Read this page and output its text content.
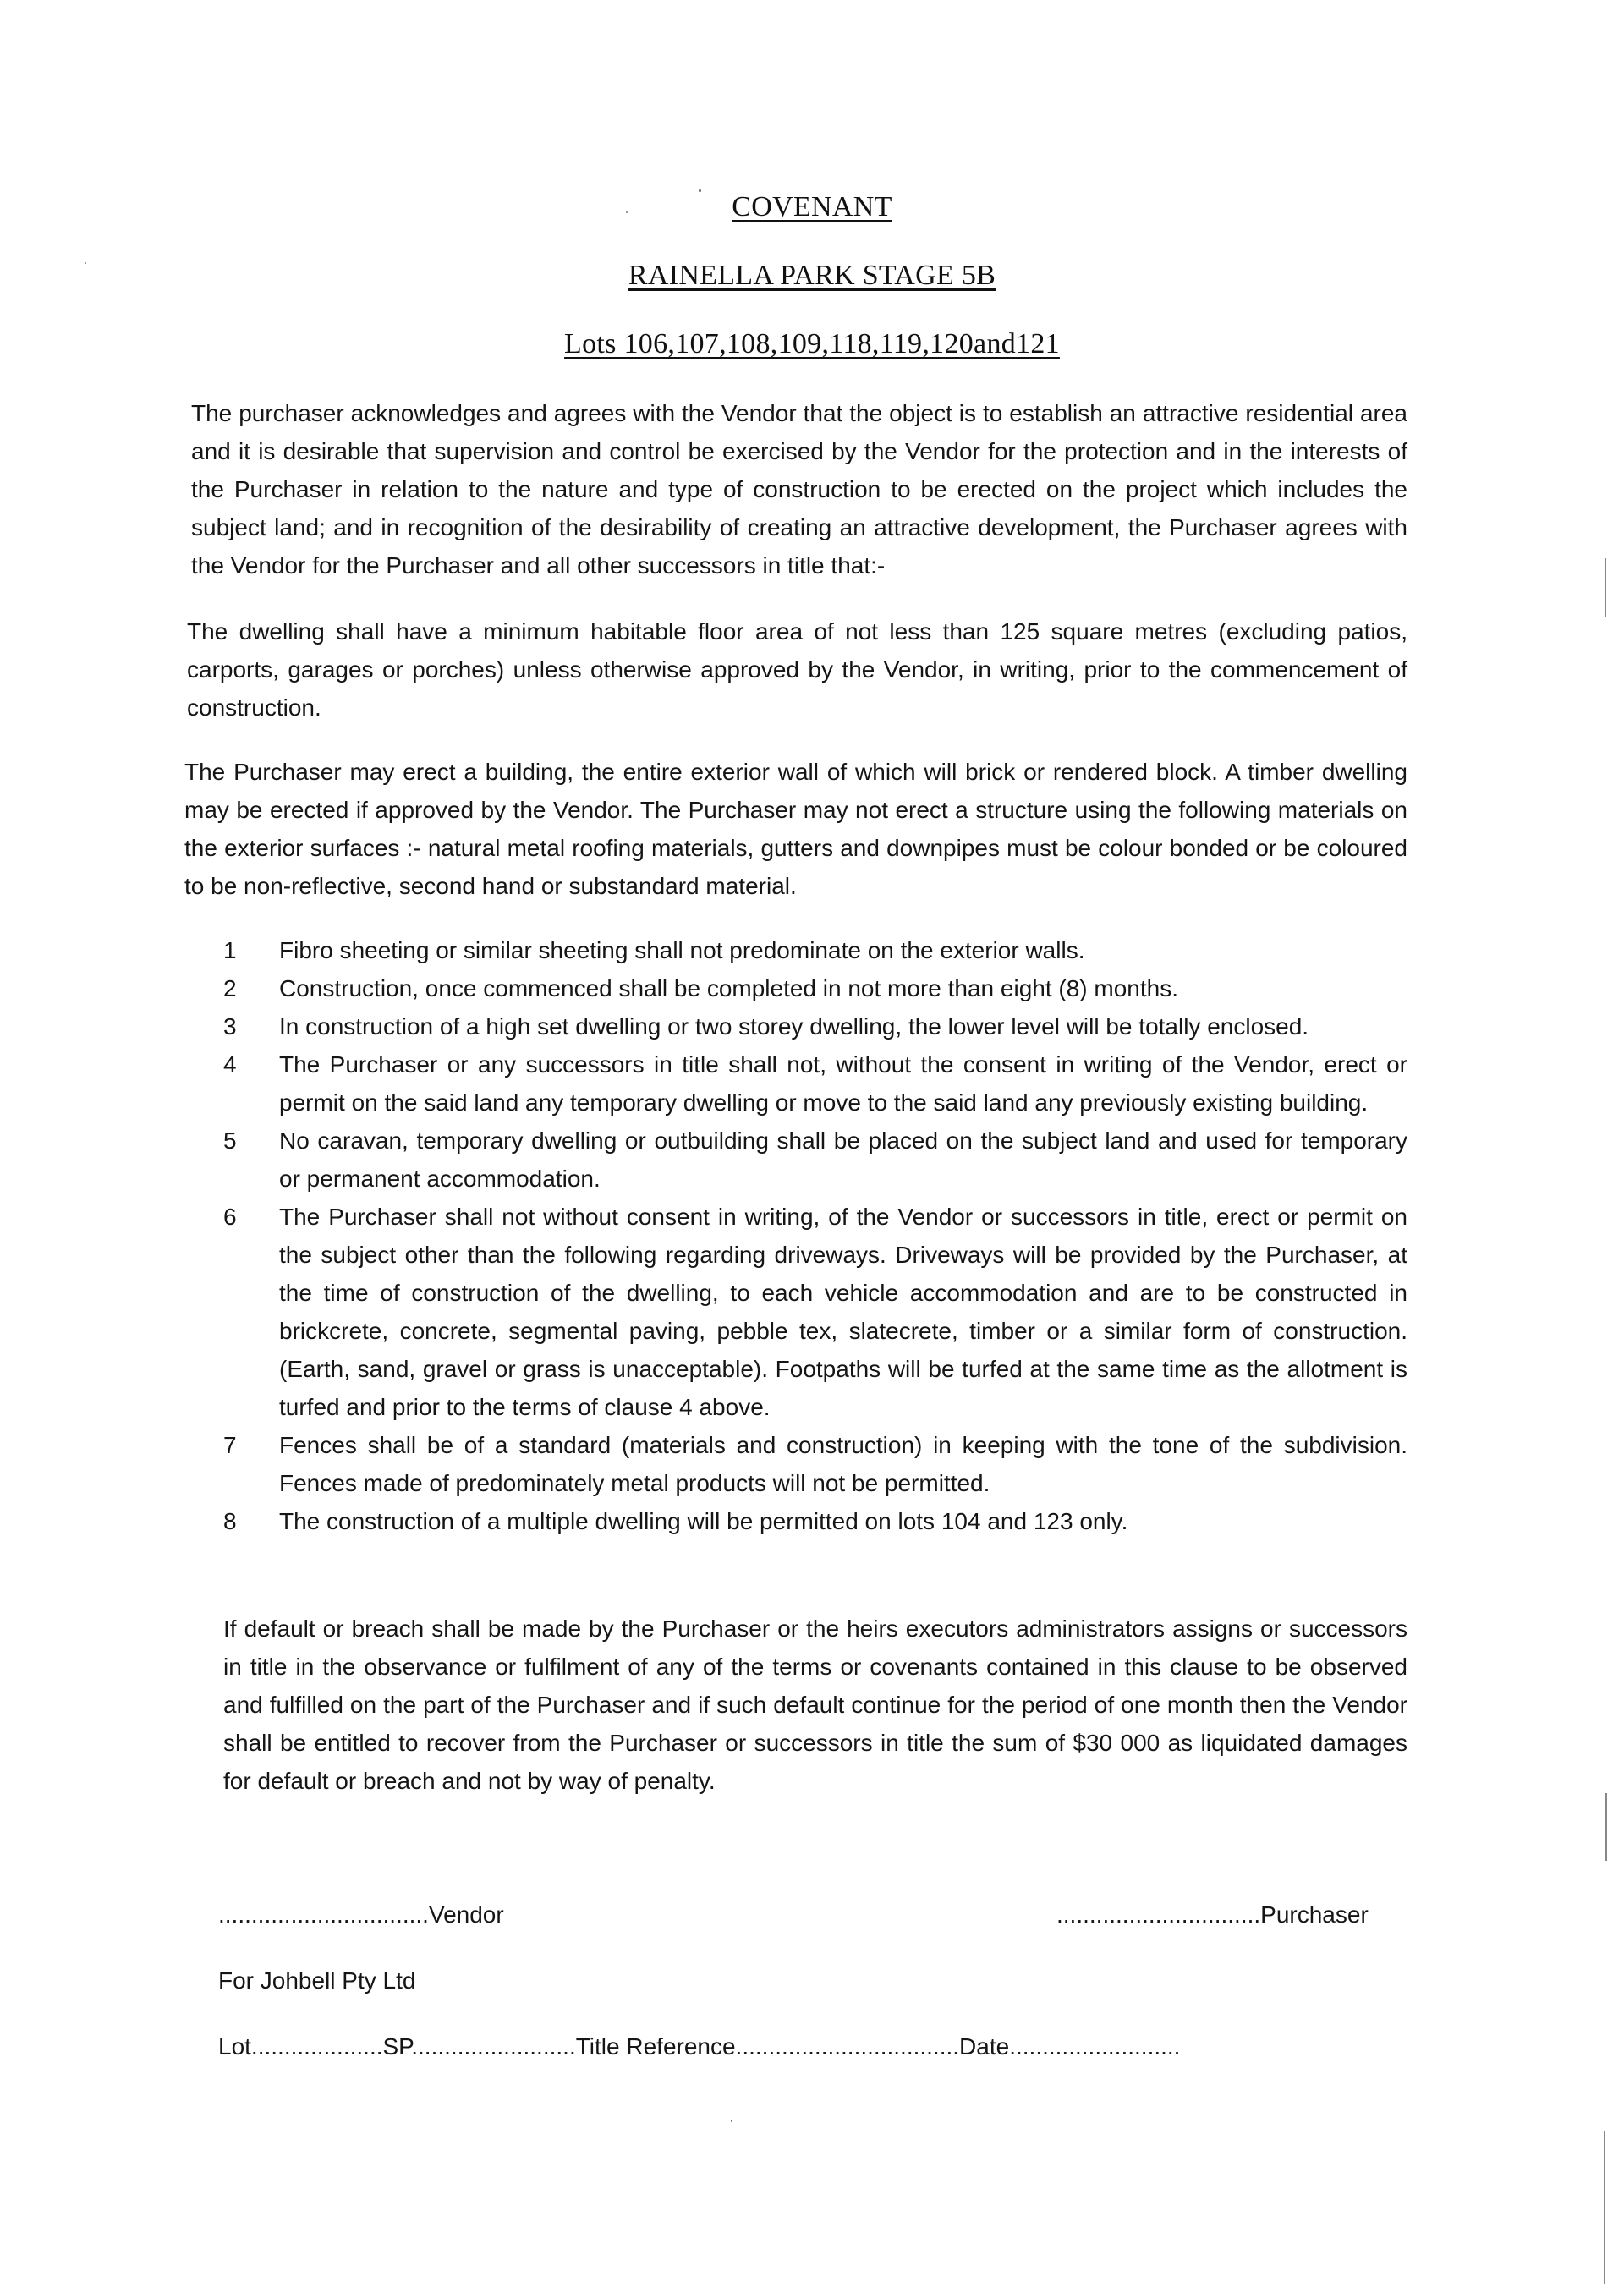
COVENANT
RAINELLA PARK STAGE 5B
Lots 106,107,108,109,118,119,120and121

The purchaser acknowledges and agrees with the Vendor that the object is to establish an attractive residential area and it is desirable that supervision and control be exercised by the Vendor for the protection and in the interests of the Purchaser in relation to the nature and type of construction to be erected on the project which includes the subject land; and in recognition of the desirability of creating an attractive development, the Purchaser agrees with the Vendor for the Purchaser and all other successors in title that:-

The dwelling shall have a minimum habitable floor area of not less than 125 square metres (excluding patios, carports, garages or porches) unless otherwise approved by the Vendor, in writing, prior to the commencement of construction.

The Purchaser may erect a building, the entire exterior wall of which will brick or rendered block. A timber dwelling may be erected if approved by the Vendor. The Purchaser may not erect a structure using the following materials on the exterior surfaces :- natural metal roofing materials, gutters and downpipes must be colour bonded or be coloured to be non-reflective, second hand or substandard material.

1	Fibro sheeting or similar sheeting shall not predominate on the exterior walls.
2	Construction, once commenced shall be completed in not more than eight (8) months.
3	In construction of a high set dwelling or two storey dwelling, the lower level will be totally enclosed.
4	The Purchaser or any successors in title shall not, without the consent in writing of the Vendor, erect or permit on the said land any temporary dwelling or move to the said land any previously existing building.
5	No caravan, temporary dwelling or outbuilding shall be placed on the subject land and used for temporary or permanent accommodation.
6	The Purchaser shall not without consent in writing, of the Vendor or successors in title, erect or permit on the subject other than the following regarding driveways. Driveways will be provided by the Purchaser, at the time of construction of the dwelling, to each vehicle accommodation and are to be constructed in brickcrete, concrete, segmental paving, pebble tex, slatecrete, timber or a similar form of construction. (Earth, sand, gravel or grass is unacceptable). Footpaths will be turfed at the same time as the allotment is turfed and prior to the terms of clause 4 above.
7	Fences shall be of a standard (materials and construction) in keeping with the tone of the subdivision. Fences made of predominately metal products will not be permitted.
8	The construction of a multiple dwelling will be permitted on lots 104 and 123 only.

If default or breach shall be made by the Purchaser or the heirs executors administrators assigns or successors in title in the observance or fulfilment of any of the terms or covenants contained in this clause to be observed and fulfilled on the part of the Purchaser and if such default continue for the period of one month then the Vendor shall be entitled to recover from the Purchaser or successors in title the sum of $30 000 as liquidated damages for default or breach and not by way of penalty.

................................Vendor	...............................Purchaser
For Johbell Pty Ltd
Lot....................SP.........................Title Reference..................................Date..........................
